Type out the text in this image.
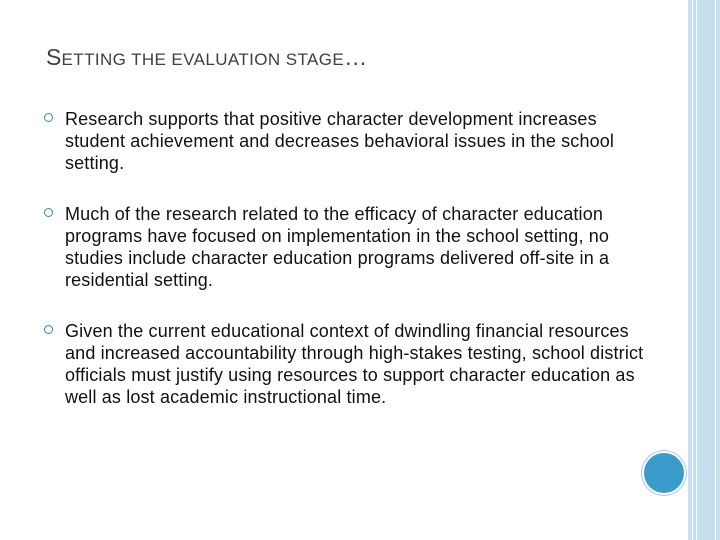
SETTING THE EVALUATION STAGE…
Research supports that positive character development increases student achievement and decreases behavioral issues in the school setting.
Much of the research related to the efficacy of character education programs have focused on implementation in the school setting, no studies include character education programs delivered off-site in a residential setting.
Given the current educational context of dwindling financial resources and increased accountability through high-stakes testing, school district officials must justify using resources to support character education as well as lost academic instructional time.
